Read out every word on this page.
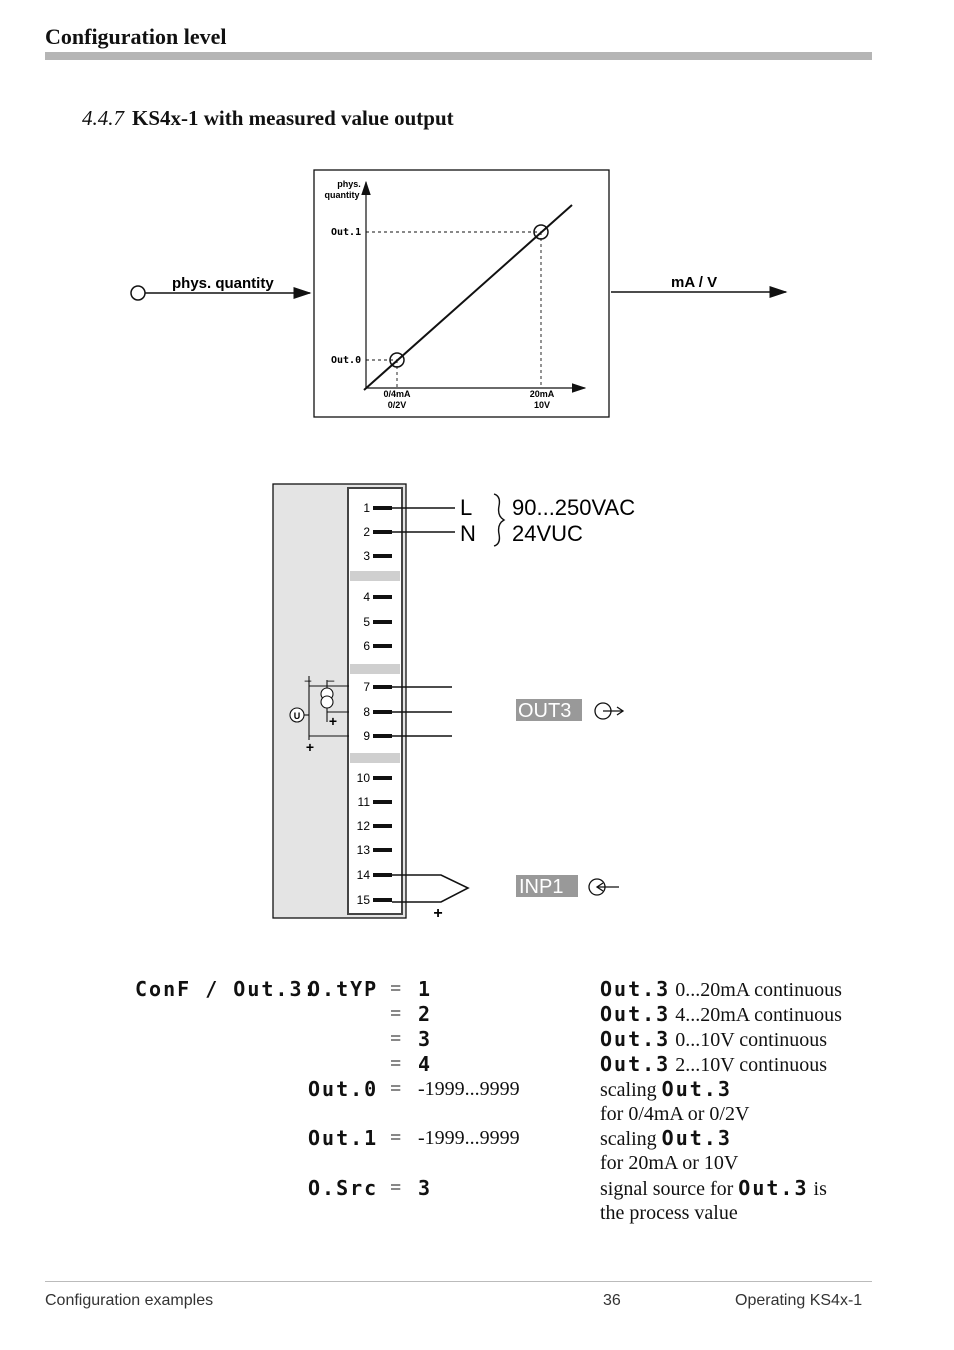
Configuration level
4.4.7 KS4x-1 with measured value output
phys. quantity	mA / V
phys.
quantity
Out.1
Out.0
0/4mA
0/2V
20mA
10V
1
2
3
4
5
6
7
8
9
10
11
12
13
14
15
L
N
90...250VAC
24VUC
OUT3
U
– –
+
+
+
INP1
ConF / Out.3:
O.tYP = 1	Out.3 0...20mA continuous
= 2	Out.3 4...20mA continuous
= 3	Out.3 0...10V continuous
= 4	Out.3 2...10V continuous
Out.0 = -1999...9999	scaling Out.3
for 0/4mA or 0/2V
Out.1 = -1999...9999	scaling Out.3
for 20mA or 10V
O.Src = 3	signal source for Out.3 is
the process value
Configuration examples	36	Operating KS4x-1
